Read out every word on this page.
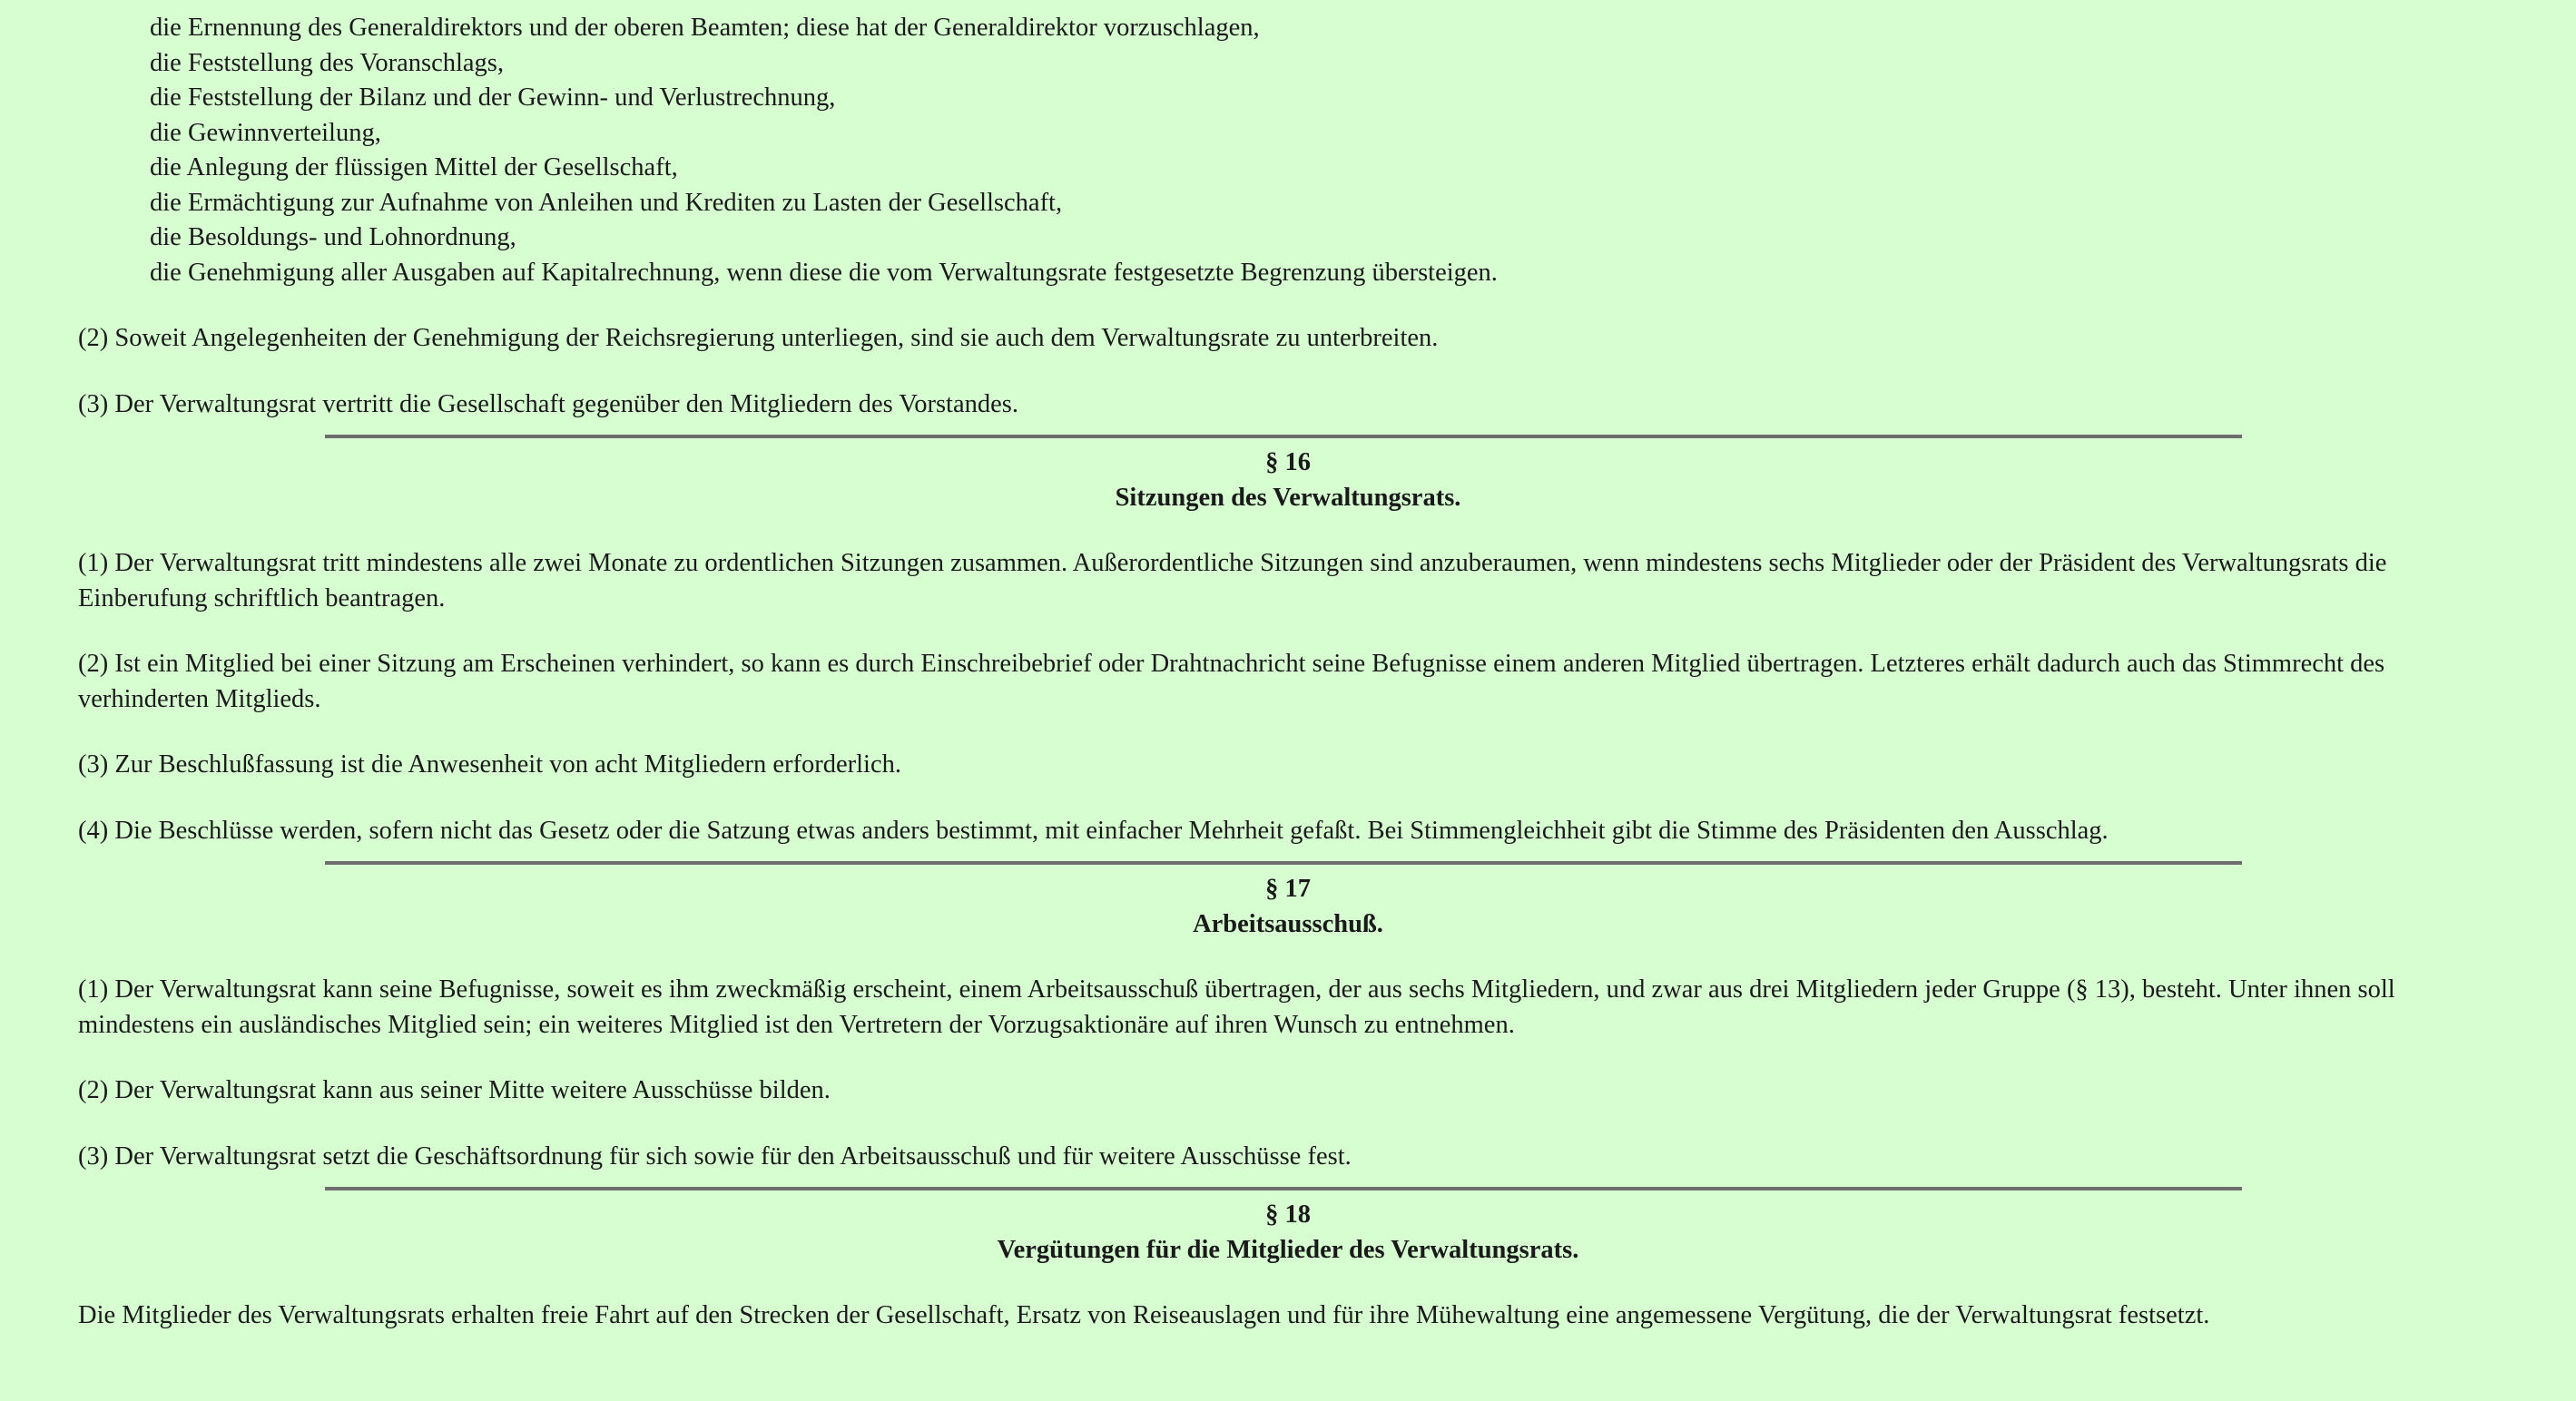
die Ernennung des Generaldirektors und der oberen Beamten; diese hat der Generaldirektor vorzuschlagen,
die Feststellung des Voranschlags,
die Feststellung der Bilanz und der Gewinn- und Verlustrechnung,
die Gewinnverteilung,
die Anlegung der flüssigen Mittel der Gesellschaft,
die Ermächtigung zur Aufnahme von Anleihen und Krediten zu Lasten der Gesellschaft,
die Besoldungs- und Lohnordnung,
die Genehmigung aller Ausgaben auf Kapitalrechnung, wenn diese die vom Verwaltungsrate festgesetzte Begrenzung übersteigen.

(2) Soweit Angelegenheiten der Genehmigung der Reichsregierung unterliegen, sind sie auch dem Verwaltungsrate zu unterbreiten.

(3) Der Verwaltungsrat vertritt die Gesellschaft gegenüber den Mitgliedern des Vorstandes.

§ 16
Sitzungen des Verwaltungsrats.

(1) Der Verwaltungsrat tritt mindestens alle zwei Monate zu ordentlichen Sitzungen zusammen. Außerordentliche Sitzungen sind anzuberaumen, wenn mindestens sechs Mitglieder oder der Präsident des Verwaltungsrats die Einberufung schriftlich beantragen.

(2) Ist ein Mitglied bei einer Sitzung am Erscheinen verhindert, so kann es durch Einschreibebrief oder Drahtnachricht seine Befugnisse einem anderen Mitglied übertragen. Letzteres erhält dadurch auch das Stimmrecht des verhinderten Mitglieds.

(3) Zur Beschlußfassung ist die Anwesenheit von acht Mitgliedern erforderlich.

(4) Die Beschlüsse werden, sofern nicht das Gesetz oder die Satzung etwas anders bestimmt, mit einfacher Mehrheit gefaßt. Bei Stimmengleichheit gibt die Stimme des Präsidenten den Ausschlag.

§ 17
Arbeitsausschuß.

(1) Der Verwaltungsrat kann seine Befugnisse, soweit es ihm zweckmäßig erscheint, einem Arbeitsausschuß übertragen, der aus sechs Mitgliedern, und zwar aus drei Mitgliedern jeder Gruppe (§ 13), besteht. Unter ihnen soll mindestens ein ausländisches Mitglied sein; ein weiteres Mitglied ist den Vertretern der Vorzugsaktionäre auf ihren Wunsch zu entnehmen.

(2) Der Verwaltungsrat kann aus seiner Mitte weitere Ausschüsse bilden.

(3) Der Verwaltungsrat setzt die Geschäftsordnung für sich sowie für den Arbeitsausschuß und für weitere Ausschüsse fest.

§ 18
Vergütungen für die Mitglieder des Verwaltungsrats.

Die Mitglieder des Verwaltungsrats erhalten freie Fahrt auf den Strecken der Gesellschaft, Ersatz von Reiseauslagen und für ihre Mühewaltung eine angemessene Vergütung, die der Verwaltungsrat festsetzt.
